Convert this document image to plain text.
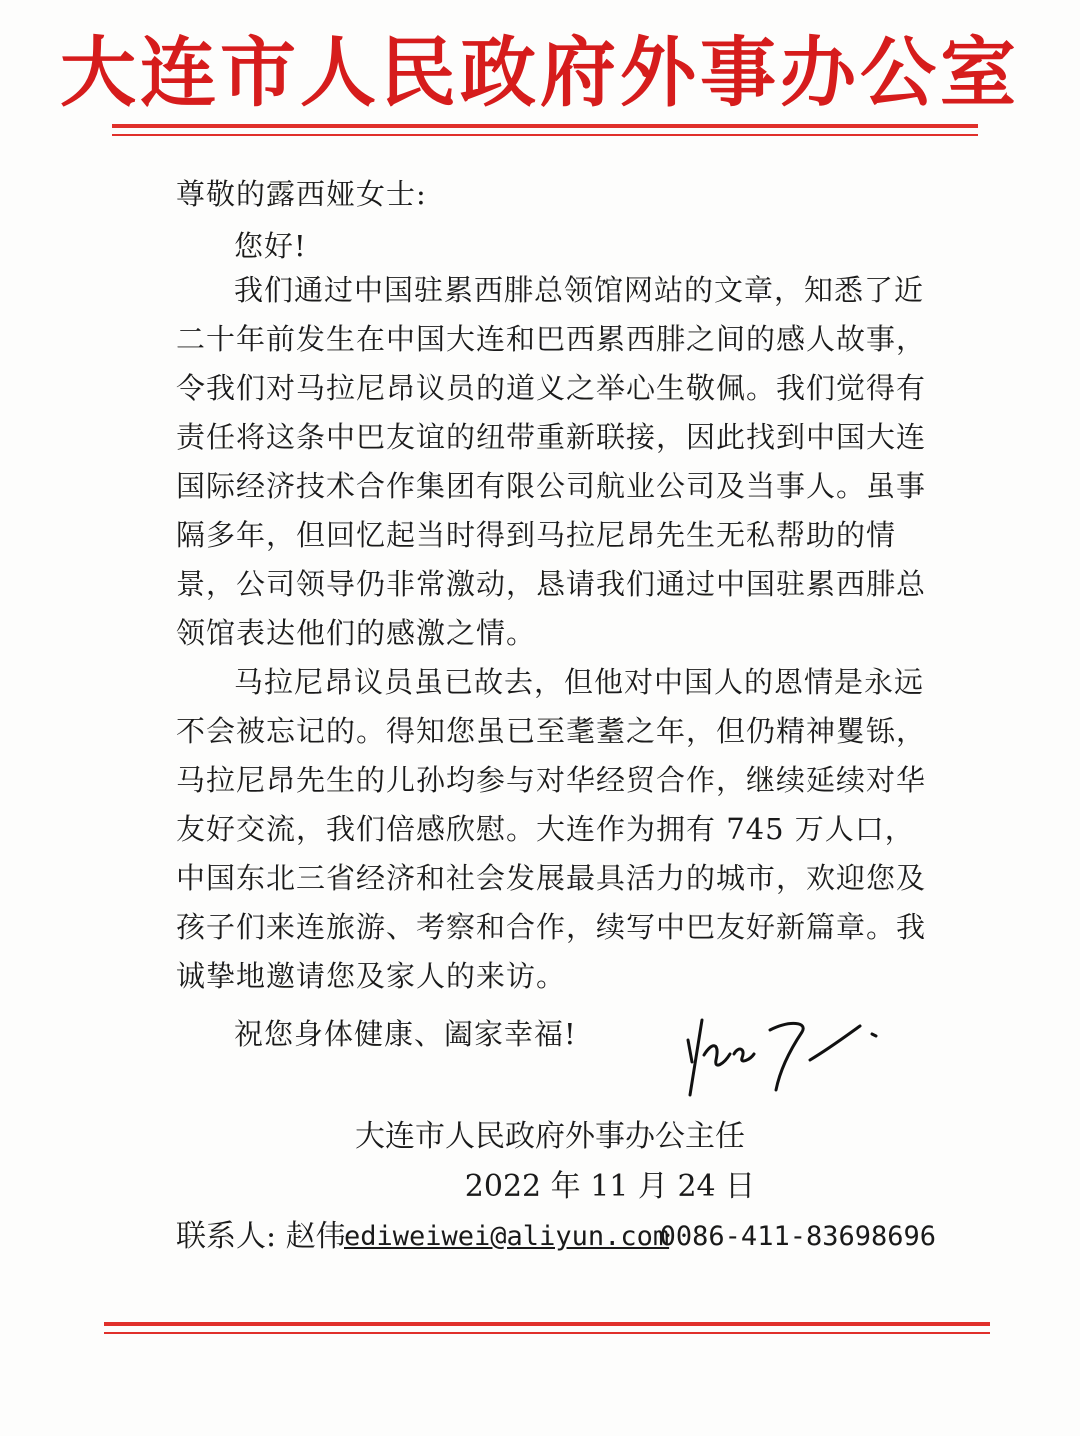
大连市人民政府外事办公室
尊敬的露西娅女士:
您好!

我们通过中国驻累西腓总领馆网站的文章，知悉了近二十年前发生在中国大连和巴西累西腓之间的感人故事，令我们对马拉尼昂议员的道义之举心生敬佩。我们觉得有责任将这条中巴友谊的纽带重新联接，因此找到中国大连国际经济技术合作集团有限公司航业公司及当事人。虽事隔多年，但回忆起当时得到马拉尼昂先生无私帮助的情景，公司领导仍非常激动，恳请我们通过中国驻累西腓总领馆表达他们的感激之情。

马拉尼昂议员虽已故去，但他对中国人的恩情是永远不会被忘记的。得知您虽已至耄耋之年，但仍精神矍铄，马拉尼昂先生的儿孙均参与对华经贸合作，继续延续对华友好交流，我们倍感欣慰。大连作为拥有 745 万人口，中国东北三省经济和社会发展最具活力的城市，欢迎您及孩子们来连旅游、考察和合作，续写中巴友好新篇章。我诚挚地邀请您及家人的来访。

祝您身体健康、阖家幸福!
大连市人民政府外事办公主任
2022 年 11 月 24 日
联系人: 赵伟
ediweiwei@aliyun.com
0086-411-83698696
